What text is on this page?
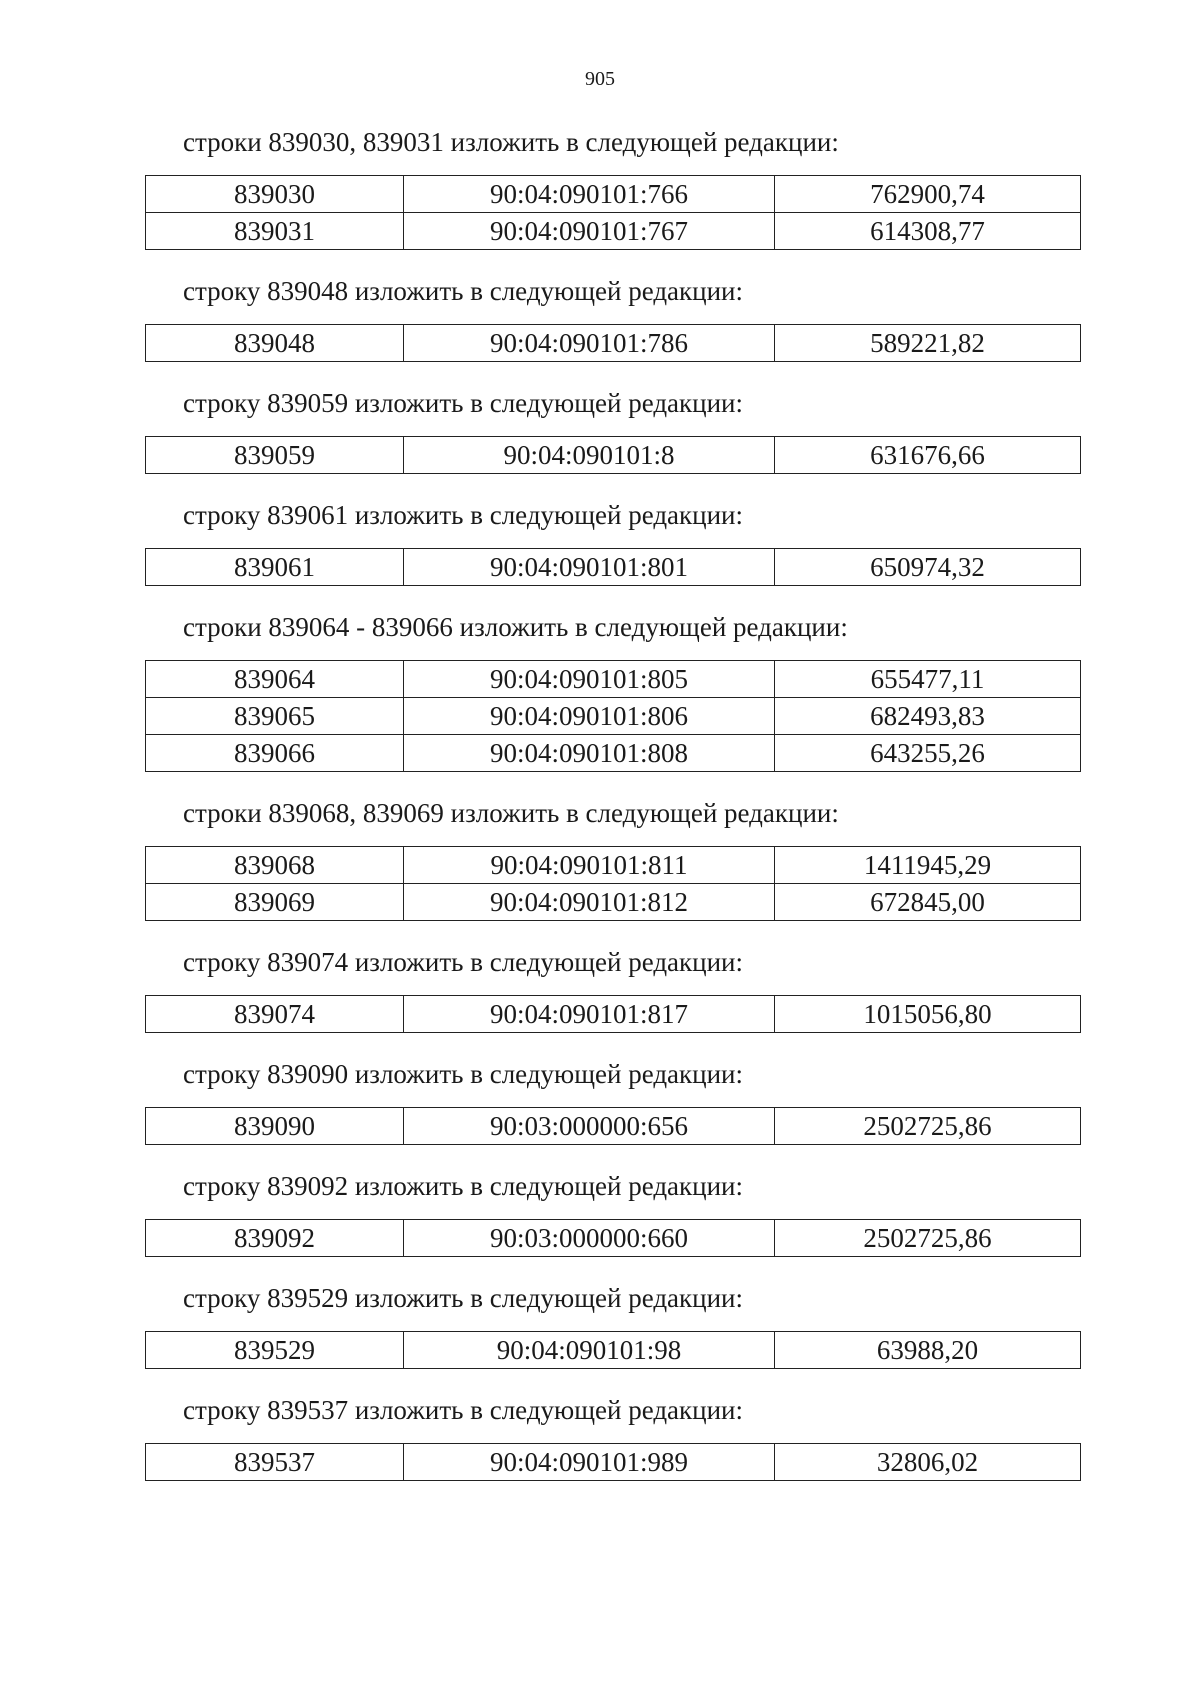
905
строки 839030, 839031 изложить в следующей редакции:
839030	90:04:090101:766	762900,74
839031	90:04:090101:767	614308,77
строку 839048 изложить в следующей редакции:
839048	90:04:090101:786	589221,82
строку 839059 изложить в следующей редакции:
839059	90:04:090101:8	631676,66
строку 839061 изложить в следующей редакции:
839061	90:04:090101:801	650974,32
строки 839064 - 839066 изложить в следующей редакции:
839064	90:04:090101:805	655477,11
839065	90:04:090101:806	682493,83
839066	90:04:090101:808	643255,26
строки 839068, 839069 изложить в следующей редакции:
839068	90:04:090101:811	1411945,29
839069	90:04:090101:812	672845,00
строку 839074 изложить в следующей редакции:
839074	90:04:090101:817	1015056,80
строку 839090 изложить в следующей редакции:
839090	90:03:000000:656	2502725,86
строку 839092 изложить в следующей редакции:
839092	90:03:000000:660	2502725,86
строку 839529 изложить в следующей редакции:
839529	90:04:090101:98	63988,20
строку 839537 изложить в следующей редакции:
839537	90:04:090101:989	32806,02
